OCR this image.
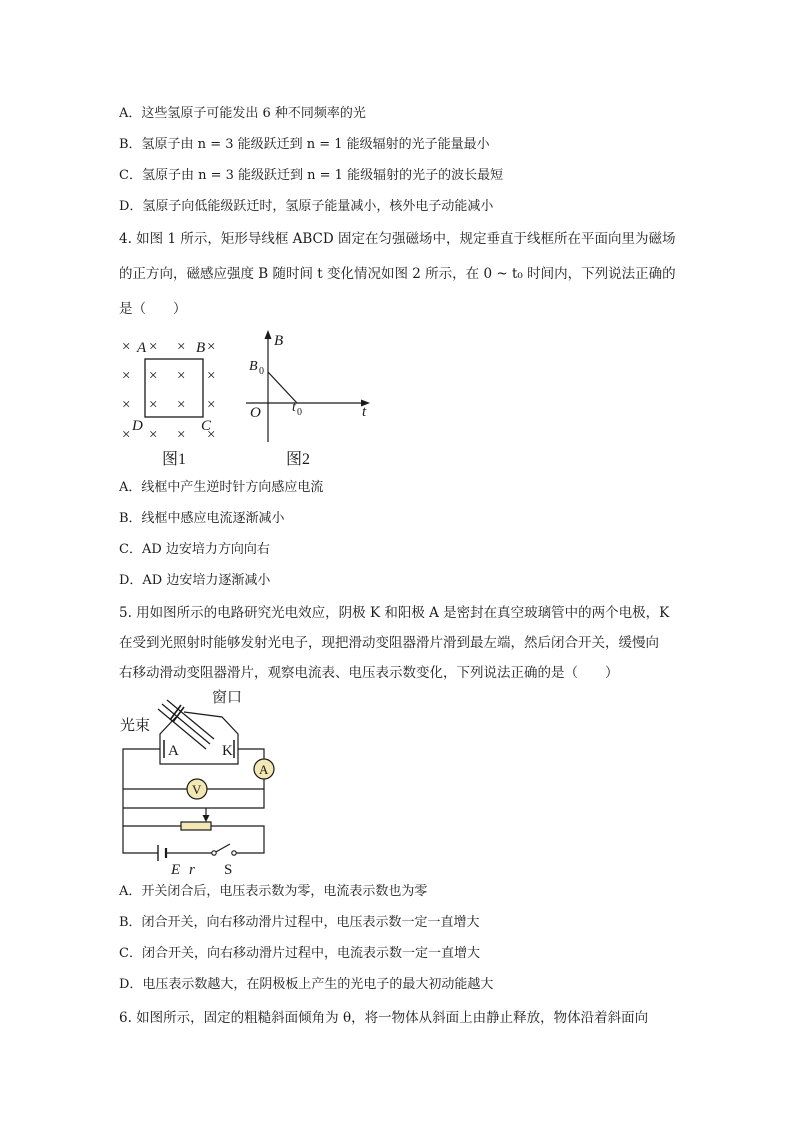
A．这些氢原子可能发出 6 种不同频率的光
B．氢原子由 n = 3 能级跃迁到 n = 1 能级辐射的光子能量最小
C．氢原子由 n = 3 能级跃迁到 n = 1 能级辐射的光子的波长最短
D．氢原子向低能级跃迁时，氢原子能量减小，核外电子动能减小
4. 如图 1 所示，矩形导线框 ABCD 固定在匀强磁场中，规定垂直于线框所在平面向里为磁场
的正方向，磁感应强度 B 随时间 t 变化情况如图 2 所示，在 0 ~ t₀ 时间内，下列说法正确的
是（　　）
× × × ×
× × × ×
× × × ×
× × × ×
A	B
C
D
图1
B
t
O
B 0
t 0
图2
A．线框中产生逆时针方向感应电流
B．线框中感应电流逐渐减小
C．AD 边安培力方向向右
D．AD 边安培力逐渐减小
5. 用如图所示的电路研究光电效应，阴极 K 和阳极 A 是密封在真空玻璃管中的两个电极，K
在受到光照射时能够发射光电子，现把滑动变阻器滑片滑到最左端，然后闭合开关，缓慢向
右移动滑动变阻器滑片，观察电流表、电压表示数变化，下列说法正确的是（　　）
A
V
窗口
光束
A	K
E r S
A．开关闭合后，电压表示数为零，电流表示数也为零
B．闭合开关，向右移动滑片过程中，电压表示数一定一直增大
C．闭合开关，向右移动滑片过程中，电流表示数一定一直增大
D．电压表示数越大，在阴极板上产生的光电子的最大初动能越大
6. 如图所示，固定的粗糙斜面倾角为 θ，将一物体从斜面上由静止释放，物体沿着斜面向
